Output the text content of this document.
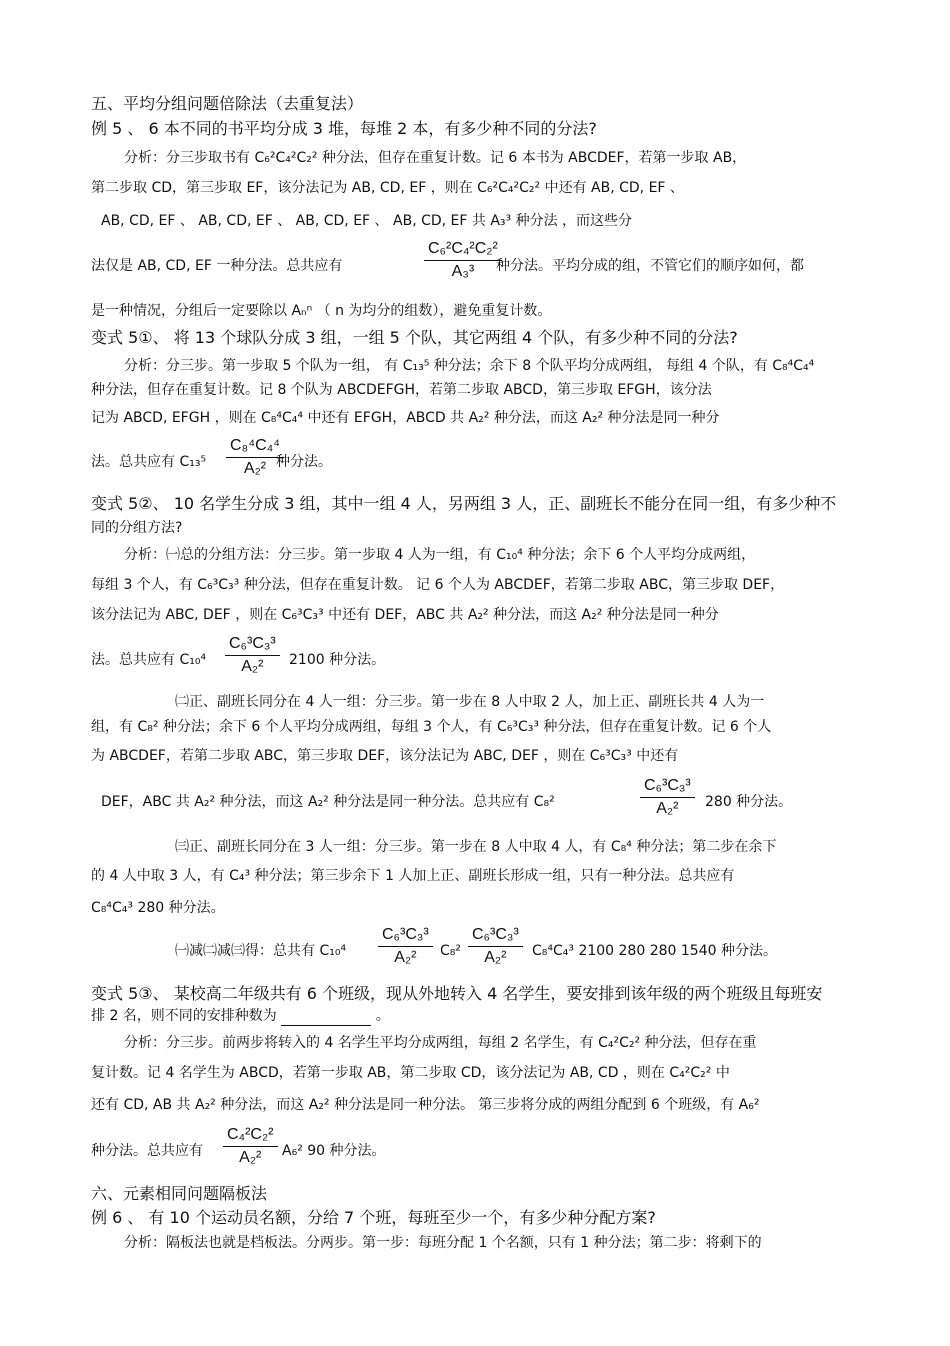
五、平均分组问题倍除法（去重复法）
例 5 、 6 本不同的书平均分成 3 堆，每堆 2 本，有多少种不同的分法?
分析：分三步取书有 C₆²C₄²C₂² 种分法，但存在重复计数。记 6 本书为 ABCDEF，若第一步取 AB，
第二步取 CD，第三步取 EF，该分法记为 AB, CD, EF ，则在 C₆²C₄²C₂² 中还有 AB, CD, EF 、
AB, CD, EF 、 AB, CD, EF 、 AB, CD, EF 、 AB, CD, EF 共 A₃³ 种分法 ，而这些分
法仅是 AB, CD, EF 一种分法。总共应有	$\frac{\text{C₆²C₄²C₂²}}{\text{A₃³}}$
种分法。平均分成的组，不管它们的顺序如何，都
是一种情况，分组后一定要除以 Aₙⁿ （ n 为均分的组数），避免重复计数。
变式 5①、 将 13 个球队分成 3 组，一组 5 个队，其它两组 4 个队，有多少种不同的分法?
分析：分三步。第一步取 5 个队为一组， 有 C₁₃⁵ 种分法；余下 8 个队平均分成两组， 每组 4 个队，有 C₈⁴C₄⁴
种分法，但存在重复计数。记 8 个队为 ABCDEFGH，若第二步取 ABCD，第三步取 EFGH，该分法
记为 ABCD, EFGH ，则在 C₈⁴C₄⁴ 中还有 EFGH，ABCD 共 A₂² 种分法，而这 A₂² 种分法是同一种分
法。总共应有 $C_{13}^5 \frac{\text{C₈⁴C₄⁴}}{\text{A₂²}}$
种分法。
变式 5②、 10 名学生分成 3 组，其中一组 4 人，另两组 3 人，正、副班长不能分在同一组，有多少种不
同的分组方法?
分析：㈠总的分组方法：分三步。第一步取 4 人为一组，有 C₁₀⁴ 种分法；余下 6 个人平均分成两组，
每组 3 个人，有 C₆³C₃³ 种分法，但存在重复计数。 记 6 个人为 ABCDEF，若第二步取 ABC，第三步取 DEF，
该分法记为 ABC, DEF ，则在 C₆³C₃³ 中还有 DEF，ABC 共 A₂² 种分法，而这 A₂² 种分法是同一种分
法。总共应有 $C_{10}^4 \frac{\text{C₆³C₃³}}{\text{A₂²}} 2100$ 种分法。
㈡正、副班长同分在 4 人一组：分三步。第一步在 8 人中取 2 人，加上正、副班长共 4 人为一
组，有 C₈² 种分法；余下 6 个人平均分成两组，每组 3 个人，有 C₆³C₃³ 种分法，但存在重复计数。记 6 个人
为 ABCDEF，若第二步取 ABC，第三步取 DEF，该分法记为 ABC, DEF ，则在 C₆³C₃³ 中还有
DEF，ABC 共 A₂² 种分法，而这 A₂² 种分法是同一种分法。总共应有 C₈²	$\frac{\text{C₆³C₃³}}{\text{A₂²}} 280$ 种分法。
㈢正、副班长同分在 3 人一组：分三步。第一步在 8 人中取 4 人，有 C₈⁴ 种分法；第二步在余下
的 4 人中取 3 人，有 C₄³ 种分法；第三步余下 1 人加上正、副班长形成一组，只有一种分法。总共应有
C₈⁴C₄³ 280 种分法。
㈠减㈡减㈢得：总共有 $C_{10}^4 \frac{\text{C₆³C₃³}}{\text{A₂²}} C_8^2 \frac{\text{C₆³C₃³}}{\text{A₂²}} C_8^4C_4^3$ 2100 280 280 1540 种分法。
变式 5③、 某校高二年级共有 6 个班级，现从外地转入 4 名学生，要安排到该年级的两个班级且每班安
排 2 名，则不同的安排种数为	。
分析：分三步。前两步将转入的 4 名学生平均分成两组，每组 2 名学生，有 C₄²C₂² 种分法，但存在重
复计数。记 4 名学生为 ABCD，若第一步取 AB，第二步取 CD，该分法记为 AB, CD ，则在 C₄²C₂² 中
还有 CD, AB 共 A₂² 种分法，而这 A₂² 种分法是同一种分法。 第三步将分成的两组分配到 6 个班级，有 A₆²
种分法。总共应有 $\frac{\text{C₄²C₂²}}{\text{A₂²}} A_6^2$ 90 种分法。
六、元素相同问题隔板法
例 6 、 有 10 个运动员名额，分给 7 个班，每班至少一个，有多少种分配方案?
分析：隔板法也就是档板法。分两步。第一步：每班分配 1 个名额，只有 1 种分法；第二步：将剩下的
